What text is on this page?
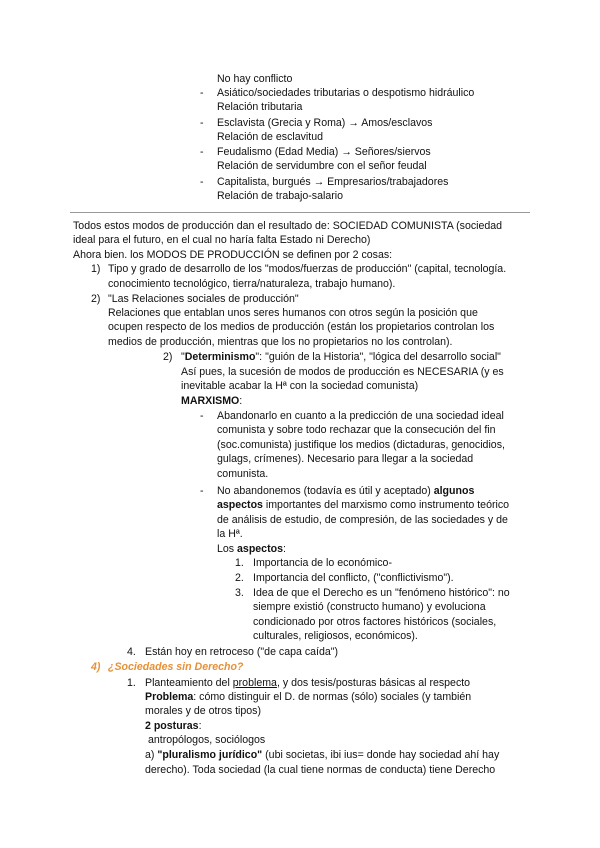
No hay conflicto
- Asiático/sociedades tributarias o despotismo hidráulico
Relación tributaria
- Esclavista (Grecia y Roma) → Amos/esclavos
Relación de esclavitud
- Feudalismo (Edad Media) → Señores/siervos
Relación de servidumbre con el señor feudal
- Capitalista, burgués → Empresarios/trabajadores
Relación de trabajo-salario
Todos estos modos de producción dan el resultado de: SOCIEDAD COMUNISTA (sociedad
ideal para el futuro, en el cual no haría falta Estado ni Derecho)
Ahora bien. los MODOS DE PRODUCCIÓN se definen por 2 cosas:
1) Tipo y grado de desarrollo de los "modos/fuerzas de producción" (capital, tecnología.
conocimiento tecnológico, tierra/naturaleza, trabajo humano).
2) "Las Relaciones sociales de producción"
Relaciones que entablan unos seres humanos con otros según la posición que
ocupen respecto de los medios de producción (están los propietarios controlan los
medios de producción, mientras que los no propietarios no los controlan).
2) "Determinismo": "guión de la Historia", "lógica del desarrollo social"
Así pues, la sucesión de modos de producción es NECESARIA (y es
inevitable acabar la Hª con la sociedad comunista)
MARXISMO:
- Abandonarlo en cuanto a la predicción de una sociedad ideal
comunista y sobre todo rechazar que la consecución del fin
(soc.comunista) justifique los medios (dictaduras, genocidios,
gulags, crímenes). Necesario para llegar a la sociedad
comunista.
- No abandonemos (todavía es útil y aceptado) algunos
aspectos importantes del marxismo como instrumento teórico
de análisis de estudio, de compresión, de las sociedades y de
la Hª.
Los aspectos:
1. Importancia de lo económico-
2. Importancia del conflicto, ("conflictivismo").
3. Idea de que el Derecho es un "fenómeno histórico": no
siempre existió (constructo humano) y evoluciona
condicionado por otros factores históricos (sociales,
culturales, religiosos, económicos).
4. Están hoy en retroceso ("de capa caída")
4) ¿Sociedades sin Derecho?
1. Planteamiento del problema, y dos tesis/posturas básicas al respecto
Problema: cómo distinguir el D. de normas (sólo) sociales (y también
morales y de otros tipos)
2 posturas:
antropólogos, sociólogos
a) "pluralismo jurídico" (ubi societas, ibi ius= donde hay sociedad ahí hay
derecho). Toda sociedad (la cual tiene normas de conducta) tiene Derecho
